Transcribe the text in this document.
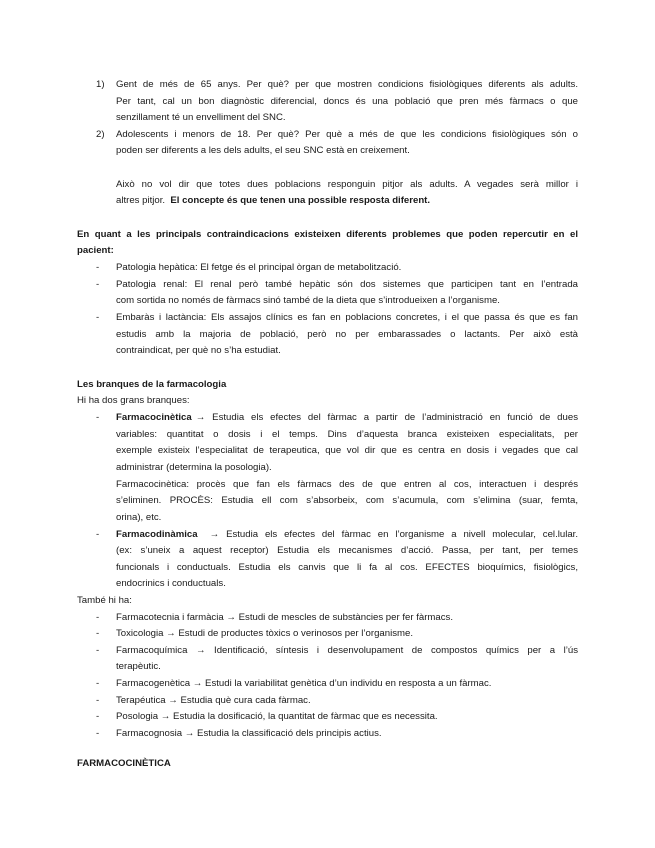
1) Gent de més de 65 anys. Per què? per que mostren condicions fisiològiques diferents als adults.
Per tant, cal un bon diagnòstic diferencial, doncs és una població que pren més fàrmacs o que
senzillament té un envelliment del SNC.
2) Adolescents i menors de 18. Per què? Per què a més de que les condicions fisiològiques són o
poden ser diferents a les dels adults, el seu SNC està en creixement.
Això no vol dir que totes dues poblacions responguin pitjor als adults. A vegades serà millor i
altres pitjor. El concepte és que tenen una possible resposta diferent.
En quant a les principals contraindicacions existeixen diferents problemes que poden repercutir en el
pacient:
- Patologia hepàtica: El fetge és el principal òrgan de metabolització.
- Patologia renal: El renal però també hepàtic són dos sistemes que participen tant en l’entrada
com sortida no només de fàrmacs sinó també de la dieta que s’introdueixen a l’organisme.
- Embaràs i lactància: Els assajos clínics es fan en poblacions concretes, i el que passa és que es fan
estudis amb la majoria de població, però no per embarassades o lactants. Per això està
contraindicat, per què no s’ha estudiat.
Les branques de la farmacologia
Hi ha dos grans branques:
- Farmacocinètica → Estudia els efectes del fàrmac a partir de l’administració en funció de dues
variables: quantitat o dosis i el temps. Dins d’aquesta branca existeixen especialitats, per
exemple existeix l’especialitat de terapeutica, que vol dir que es centra en dosis i vegades que cal
administrar (determina la posologia).
Farmacocinètica: procès que fan els fàrmacs des de que entren al cos, interactuen i després
s’eliminen. PROCÈS: Estudia ell com s’absorbeix, com s’acumula, com s’elimina (suar, femta,
orina), etc.
- Farmacodinàmica → Estudia els efectes del fàrmac en l’organisme a nivell molecular, cel.lular.
(ex: s’uneix a aquest receptor) Estudia els mecanismes d’acció. Passa, per tant, per temes
funcionals i conductuals. Estudia els canvis que li fa al cos. EFECTES bioquímics, fisiològics,
endocrinics i conductuals.
També hi ha:
- Farmacotecnia i farmàcia → Estudi de mescles de substàncies per fer fàrmacs.
- Toxicologia → Estudi de productes tòxics o verinosos per l’organisme.
- Farmacoquímica → Identificació, síntesis i desenvolupament de compostos químics per a l’ús
terapèutic.
- Farmacogenètica → Estudi la variabilitat genètica d’un individu en resposta a un fàrmac.
- Terapéutica → Estudia què cura cada fàrmac.
- Posologia → Estudia la dosificació, la quantitat de fàrmac que es necessita.
- Farmacognosia → Estudia la classificació dels principis actius.
FARMACOCINÈTICA
